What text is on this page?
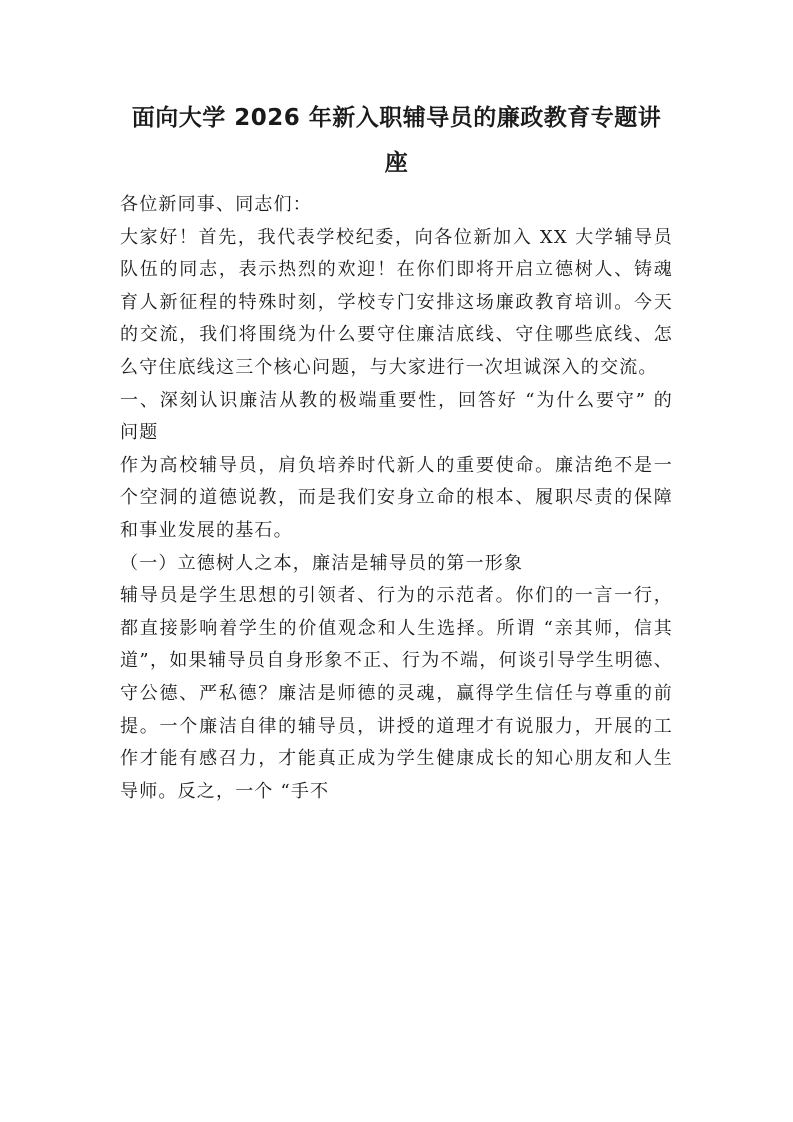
面向大学 2026 年新入职辅导员的廉政教育专题讲座

各位新同事、同志们：

大家好！首先，我代表学校纪委，向各位新加入 XX 大学辅导员队伍的同志，表示热烈的欢迎！在你们即将开启立德树人、铸魂育人新征程的特殊时刻，学校专门安排这场廉政教育培训。今天的交流，我们将围绕为什么要守住廉洁底线、守住哪些底线、怎么守住底线这三个核心问题，与大家进行一次坦诚深入的交流。

一、深刻认识廉洁从教的极端重要性，回答好 “为什么要守” 的问题

作为高校辅导员，肩负培养时代新人的重要使命。廉洁绝不是一个空洞的道德说教，而是我们安身立命的根本、履职尽责的保障和事业发展的基石。

（一）立德树人之本，廉洁是辅导员的第一形象

辅导员是学生思想的引领者、行为的示范者。你们的一言一行，都直接影响着学生的价值观念和人生选择。所谓 “亲其师，信其道”，如果辅导员自身形象不正、行为不端，何谈引导学生明德、守公德、严私德？廉洁是师德的灵魂，赢得学生信任与尊重的前提。一个廉洁自律的辅导员，讲授的道理才有说服力，开展的工作才能有感召力，才能真正成为学生健康成长的知心朋友和人生导师。反之，一个 “手不
